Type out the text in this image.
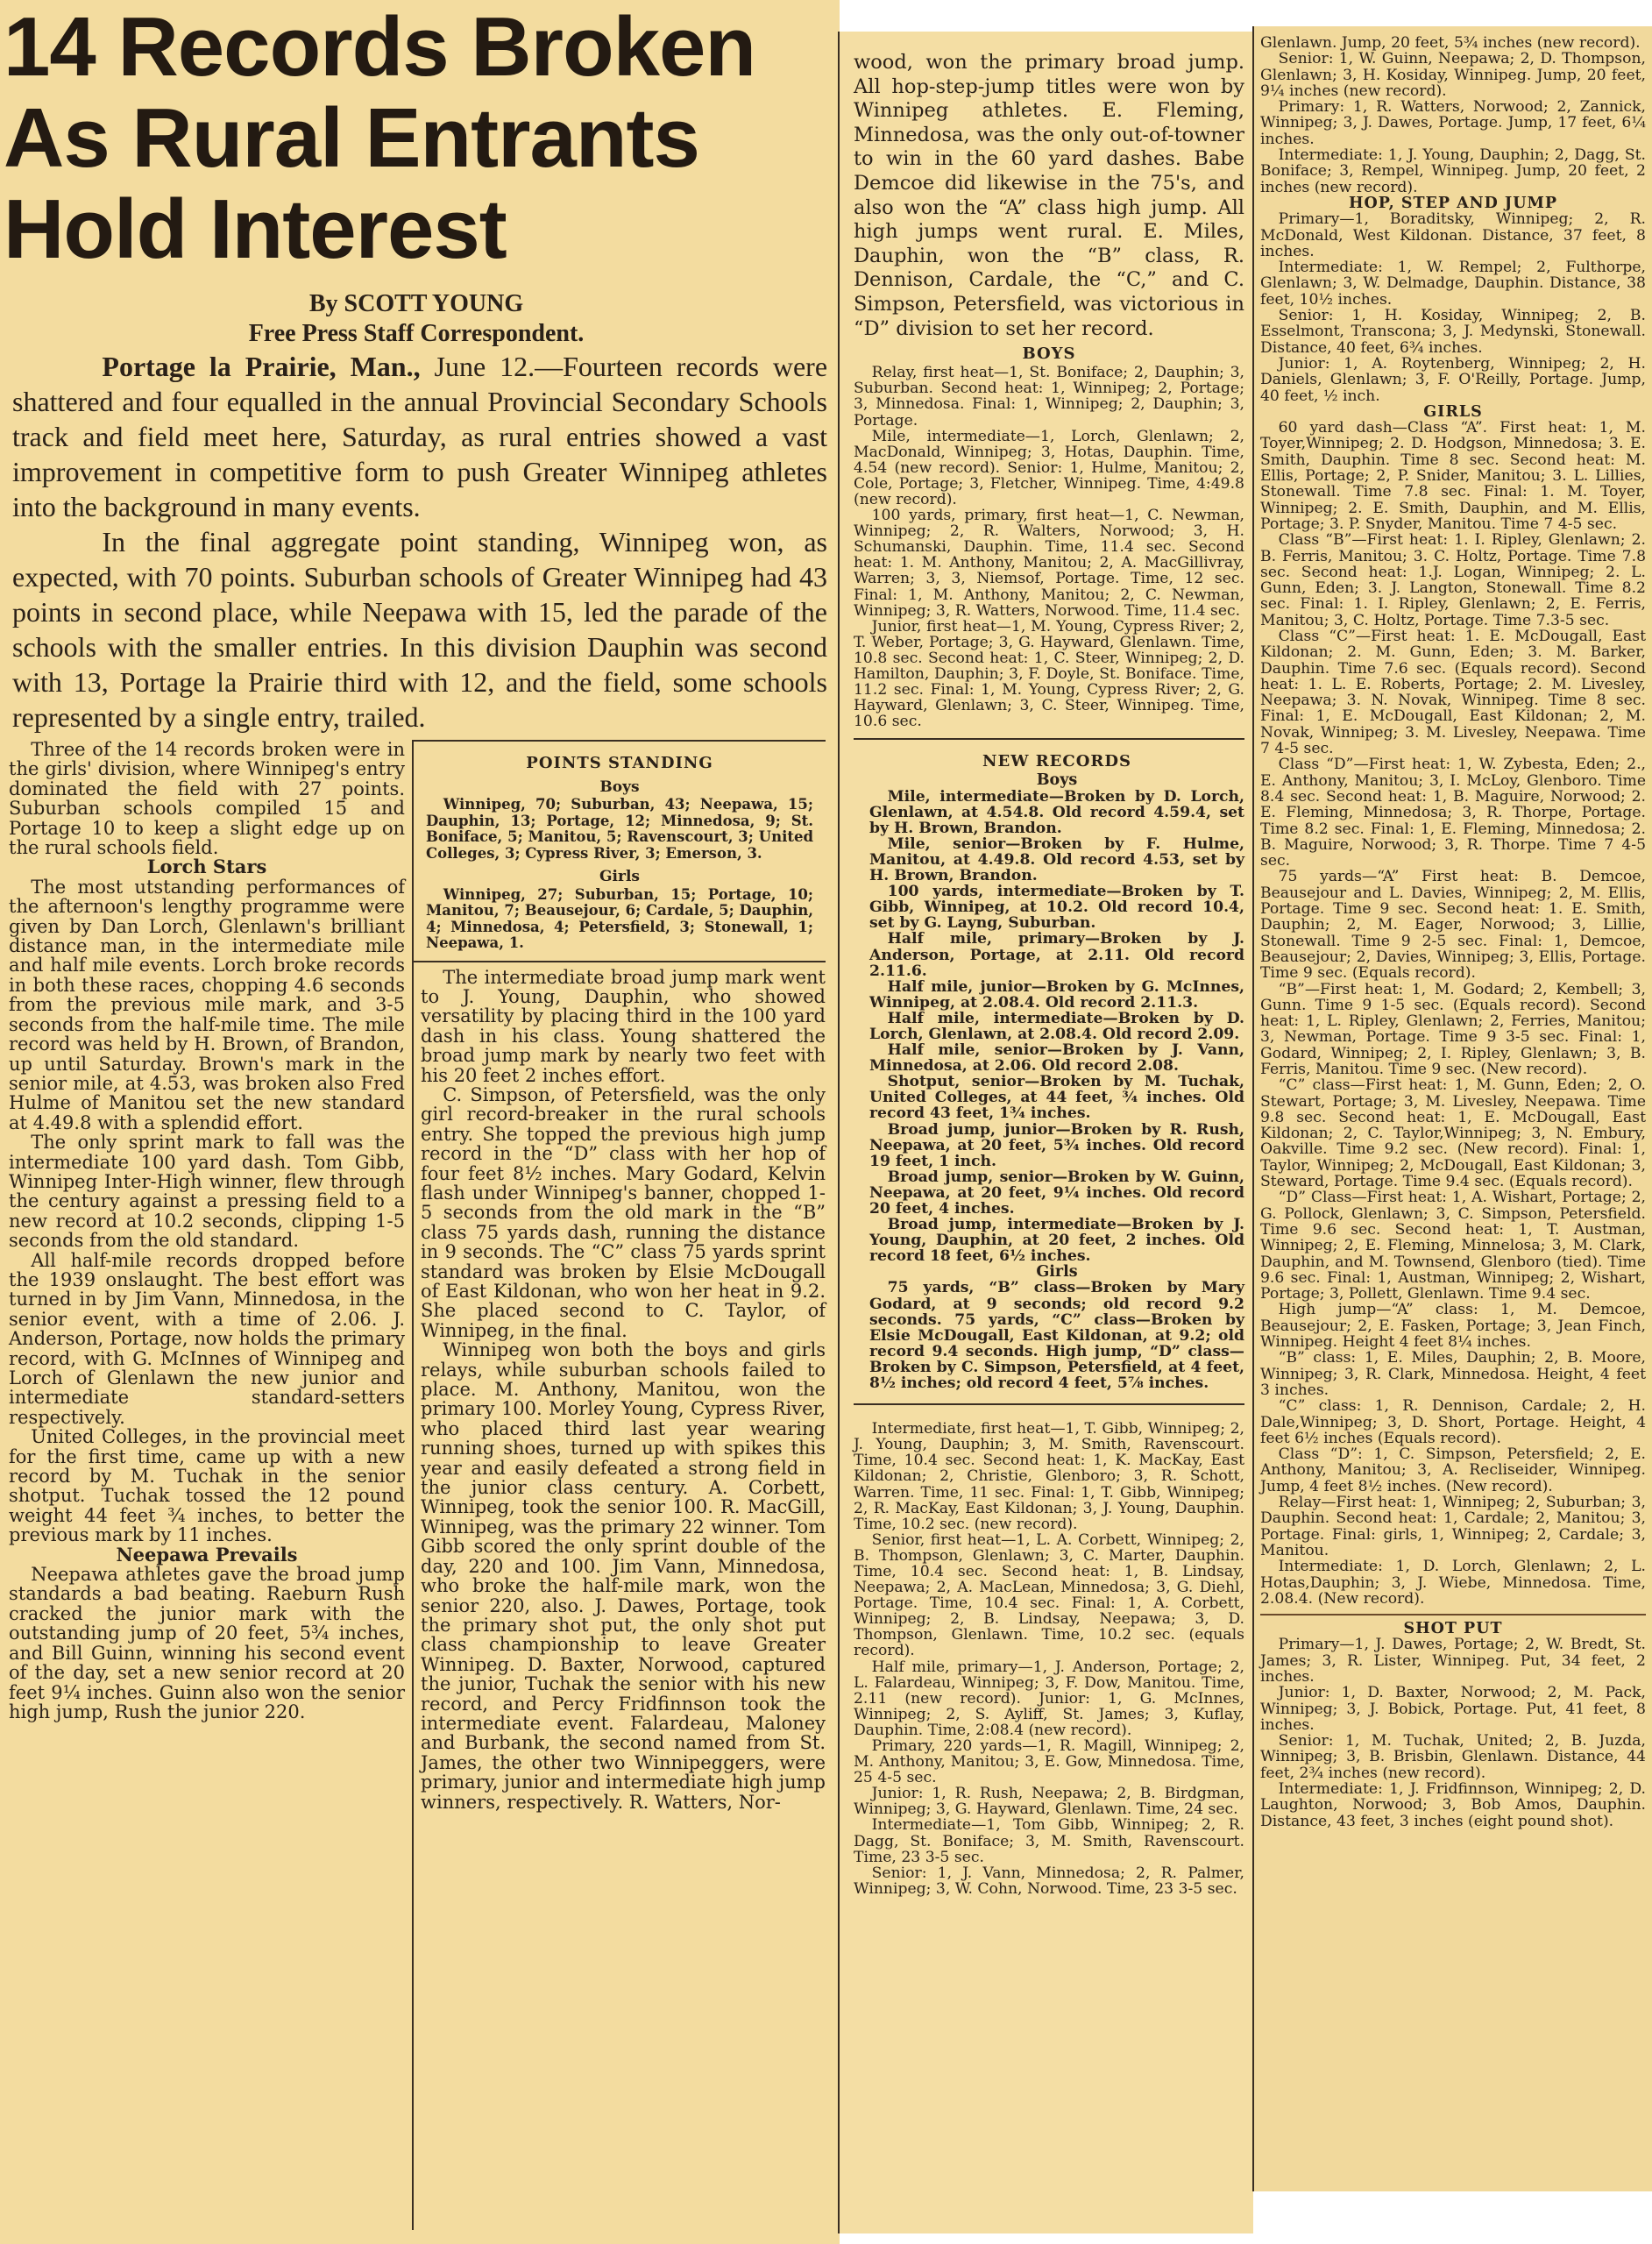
14 Records Broken
As Rural Entrants
Hold Interest
By SCOTT YOUNG
Free Press Staff Correspondent.

Portage la Prairie, Man., June 12.—Fourteen records were shattered and four equalled in the annual Provincial Secondary Schools track and field meet here, Saturday, as rural entries showed a vast improvement in competitive form to push Greater Winnipeg athletes into the background in many events.

In the final aggregate point standing, Winnipeg won, as expected, with 70 points. Suburban schools of Greater Winnipeg had 43 points in second place, while Neepawa with 15, led the parade of the schools with the smaller entries. In this division Dauphin was second with 13, Portage la Prairie third with 12, and the field, some schools represented by a single entry, trailed.

Three of the 14 records broken were in the girls' division, where Winnipeg's entry dominated the field with 27 points. Suburban schools compiled 15 and Portage 10 to keep a slight edge up on the rural schools field.

Lorch Stars

The most utstanding performances of the afternoon's lengthy programme were given by Dan Lorch, Glenlawn's brilliant distance man, in the intermediate mile and half mile events. Lorch broke records in both these races, chopping 4.6 seconds from the previous mile mark, and 3-5 seconds from the half-mile time. The mile record was held by H. Brown, of Brandon, up until Saturday. Brown's mark in the senior mile, at 4.53, was broken also Fred Hulme of Manitou set the new standard at 4.49.8 with a splendid effort.

The only sprint mark to fall was the intermediate 100 yard dash. Tom Gibb, Winnipeg Inter-High winner, flew through the century against a pressing field to a new record at 10.2 seconds, clipping 1-5 seconds from the old standard.

All half-mile records dropped before the 1939 onslaught. The best effort was turned in by Jim Vann, Minnedosa, in the senior event, with a time of 2.06. J. Anderson, Portage, now holds the primary record, with G. McInnes of Winnipeg and Lorch of Glenlawn the new junior and intermediate standard-setters respectively.

United Colleges, in the provincial meet for the first time, came up with a new record by M. Tuchak in the senior shotput. Tuchak tossed the 12 pound weight 44 feet ¾ inches, to better the previous mark by 11 inches.

Neepawa Prevails

Neepawa athletes gave the broad jump standards a bad beating. Raeburn Rush cracked the junior mark with the outstanding jump of 20 feet, 5¾ inches, and Bill Guinn, winning his second event of the day, set a new senior record at 20 feet 9¼ inches. Guinn also won the senior high jump, Rush the junior 220.

POINTS STANDING
Boys

Winnipeg, 70; Suburban, 43; Neepawa, 15; Dauphin, 13; Portage, 12; Minnedosa, 9; St. Boniface, 5; Manitou, 5; Ravenscourt, 3; United Colleges, 3; Cypress River, 3; Emerson, 3.

Girls

Winnipeg, 27; Suburban, 15; Portage, 10; Manitou, 7; Beausejour, 6; Cardale, 5; Dauphin, 4; Minnedosa, 4; Petersfield, 3; Stonewall, 1; Neepawa, 1.

The intermediate broad jump mark went to J. Young, Dauphin, who showed versatility by placing third in the 100 yard dash in his class. Young shattered the broad jump mark by nearly two feet with his 20 feet 2 inches effort.

C. Simpson, of Petersfield, was the only girl record-breaker in the rural schools entry. She topped the previous high jump record in the “D” class with her hop of four feet 8½ inches. Mary Godard, Kelvin flash under Winnipeg's banner, chopped 1-5 seconds from the old mark in the “B” class 75 yards dash, running the distance in 9 seconds. The “C” class 75 yards sprint standard was broken by Elsie McDougall of East Kildonan, who won her heat in 9.2. She placed second to C. Taylor, of Winnipeg, in the final.

Winnipeg won both the boys and girls relays, while suburban schools failed to place. M. Anthony, Manitou, won the primary 100. Morley Young, Cypress River, who placed third last year wearing running shoes, turned up with spikes this year and easily defeated a strong field in the junior class century. A. Corbett, Winnipeg, took the senior 100. R. MacGill, Winnipeg, was the primary 22 winner. Tom Gibb scored the only sprint double of the day, 220 and 100. Jim Vann, Minnedosa, who broke the half-mile mark, won the senior 220, also. J. Dawes, Portage, took the primary shot put, the only shot put class championship to leave Greater Winnipeg. D. Baxter, Norwood, captured the junior, Tuchak the senior with his new record, and Percy Fridfinnson took the intermediate event. Falardeau, Maloney and Burbank, the second named from St. James, the other two Winnipeggers, were primary, junior and intermediate high jump winners, respectively. R. Watters, Nor-

wood, won the primary broad jump. All hop-step-jump titles were won by Winnipeg athletes. E. Fleming, Minnedosa, was the only out-of-towner to win in the 60 yard dashes. Babe Demcoe did likewise in the 75's, and also won the “A” class high jump. All high jumps went rural. E. Miles, Dauphin, won the “B” class, R. Dennison, Cardale, the “C,” and C. Simpson, Petersfield, was victorious in “D” division to set her record.

BOYS

Relay, first heat—1, St. Boniface; 2, Dauphin; 3, Suburban. Second heat: 1, Winnipeg; 2, Portage; 3, Minnedosa. Final: 1, Winnipeg; 2, Dauphin; 3, Portage.

Mile, intermediate—1, Lorch, Glenlawn; 2, MacDonald, Winnipeg; 3, Hotas, Dauphin. Time, 4.54 (new record). Senior: 1, Hulme, Manitou; 2, Cole, Portage; 3, Fletcher, Winnipeg. Time, 4:49.8 (new record).

100 yards, primary, first heat—1, C. Newman, Winnipeg; 2, R. Walters, Norwood; 3, H. Schumanski, Dauphin. Time, 11.4 sec. Second heat: 1. M. Anthony, Manitou; 2, A. MacGillivray, Warren; 3, 3, Niemsof, Portage. Time, 12 sec. Final: 1, M. Anthony, Manitou; 2, C. Newman, Winnipeg; 3, R. Watters, Norwood. Time, 11.4 sec.

Junior, first heat—1, M. Young, Cypress River; 2, T. Weber, Portage; 3, G. Hayward, Glenlawn. Time, 10.8 sec. Second heat: 1, C. Steer, Winnipeg; 2, D. Hamilton, Dauphin; 3, F. Doyle, St. Boniface. Time, 11.2 sec. Final: 1, M. Young, Cypress River; 2, G. Hayward, Glenlawn; 3, C. Steer, Winnipeg. Time, 10.6 sec.

NEW RECORDS
Boys

Mile, intermediate—Broken by D. Lorch, Glenlawn, at 4.54.8. Old record 4.59.4, set by H. Brown, Brandon.

Mile, senior—Broken by F. Hulme, Manitou, at 4.49.8. Old record 4.53, set by H. Brown, Brandon.

100 yards, intermediate—Broken by T. Gibb, Winnipeg, at 10.2. Old record 10.4, set by G. Layng, Suburban.

Half mile, primary—Broken by J. Anderson, Portage, at 2.11. Old record 2.11.6.

Half mile, junior—Broken by G. McInnes, Winnipeg, at 2.08.4. Old record 2.11.3.

Half mile, intermediate—Broken by D. Lorch, Glenlawn, at 2.08.4. Old record 2.09.

Half mile, senior—Broken by J. Vann, Minnedosa, at 2.06. Old record 2.08.

Shotput, senior—Broken by M. Tuchak, United Colleges, at 44 feet, ¾ inches. Old record 43 feet, 1¾ inches.

Broad jump, junior—Broken by R. Rush, Neepawa, at 20 feet, 5¾ inches. Old record 19 feet, 1 inch.

Broad jump, senior—Broken by W. Guinn, Neepawa, at 20 feet, 9¼ inches. Old record 20 feet, 4 inches.

Broad jump, intermediate—Broken by J. Young, Dauphin, at 20 feet, 2 inches. Old record 18 feet, 6½ inches.

Girls

75 yards, “B” class—Broken by Mary Godard, at 9 seconds; old record 9.2 seconds. 75 yards, “C” class—Broken by Elsie McDougall, East Kildonan, at 9.2; old record 9.4 seconds. High jump, “D” class—Broken by C. Simpson, Petersfield, at 4 feet, 8½ inches; old record 4 feet, 5⅞ inches.

Intermediate, first heat—1, T. Gibb, Winnipeg; 2, J. Young, Dauphin; 3, M. Smith, Ravenscourt. Time, 10.4 sec. Second heat: 1, K. MacKay, East Kildonan; 2, Christie, Glenboro; 3, R. Schott, Warren. Time, 11 sec. Final: 1, T. Gibb, Winnipeg; 2, R. MacKay, East Kildonan; 3, J. Young, Dauphin. Time, 10.2 sec. (new record).

Senior, first heat—1, L. A. Corbett, Winnipeg; 2, B. Thompson, Glenlawn; 3, C. Marter, Dauphin. Time, 10.4 sec. Second heat: 1, B. Lindsay, Neepawa; 2, A. MacLean, Minnedosa; 3, G. Diehl, Portage. Time, 10.4 sec. Final: 1, A. Corbett, Winnipeg; 2, B. Lindsay, Neepawa; 3, D. Thompson, Glenlawn. Time, 10.2 sec. (equals record).

Half mile, primary—1, J. Anderson, Portage; 2, L. Falardeau, Winnipeg; 3, F. Dow, Manitou. Time, 2.11 (new record). Junior: 1, G. McInnes, Winnipeg; 2, S. Ayliff, St. James; 3, Kuflay, Dauphin. Time, 2:08.4 (new record).

Primary, 220 yards—1, R. Magill, Winnipeg; 2, M. Anthony, Manitou; 3, E. Gow, Minnedosa. Time, 25 4-5 sec.

Junior: 1, R. Rush, Neepawa; 2, B. Birdgman, Winnipeg; 3, G. Hayward, Glenlawn. Time, 24 sec.

Intermediate—1, Tom Gibb, Winnipeg; 2, R. Dagg, St. Boniface; 3, M. Smith, Ravenscourt. Time, 23 3-5 sec.

Senior: 1, J. Vann, Minnedosa; 2, R. Palmer, Winnipeg; 3, W. Cohn, Norwood. Time, 23 3-5 sec.

Glenlawn. Jump, 20 feet, 5¾ inches (new record).

Senior: 1, W. Guinn, Neepawa; 2, D. Thompson, Glenlawn; 3, H. Kosiday, Winnipeg. Jump, 20 feet, 9¼ inches (new record).

Primary: 1, R. Watters, Norwood; 2, Zannick, Winnipeg; 3, J. Dawes, Portage. Jump, 17 feet, 6¼ inches.

Intermediate: 1, J. Young, Dauphin; 2, Dagg, St. Boniface; 3, Rempel, Winnipeg. Jump, 20 feet, 2 inches (new record).

HOP, STEP AND JUMP

Primary—1, Boraditsky, Winnipeg; 2, R. McDonald, West Kildonan. Distance, 37 feet, 8 inches.

Intermediate: 1, W. Rempel; 2, Fulthorpe, Glenlawn; 3, W. Delmadge, Dauphin. Distance, 38 feet, 10½ inches.

Senior: 1, H. Kosiday, Winnipeg; 2, B. Esselmont, Transcona; 3, J. Medynski, Stonewall. Distance, 40 feet, 6¾ inches.

Junior: 1, A. Roytenberg, Winnipeg; 2, H. Daniels, Glenlawn; 3, F. O'Reilly, Portage. Jump, 40 feet, ½ inch.

GIRLS

60 yard dash—Class “A”. First heat: 1, M. Toyer,Winnipeg; 2. D. Hodgson, Minnedosa; 3. E. Smith, Dauphin. Time 8 sec. Second heat: M. Ellis, Portage; 2, P. Snider, Manitou; 3. L. Lillies, Stonewall. Time 7.8 sec. Final: 1. M. Toyer, Winnipeg; 2. E. Smith, Dauphin, and M. Ellis, Portage; 3. P. Snyder, Manitou. Time 7 4-5 sec.

Class “B”—First heat: 1. I. Ripley, Glenlawn; 2. B. Ferris, Manitou; 3. C. Holtz, Portage. Time 7.8 sec. Second heat: 1.J. Logan, Winnipeg; 2. L. Gunn, Eden; 3. J. Langton, Stonewall. Time 8.2 sec. Final: 1. I. Ripley, Glenlawn; 2, E. Ferris, Manitou; 3, C. Holtz, Portage. Time 7.3-5 sec.

Class “C”—First heat: 1. E. McDougall, East Kildonan; 2. M. Gunn, Eden; 3. M. Barker, Dauphin. Time 7.6 sec. (Equals record). Second heat: 1. L. E. Roberts, Portage; 2. M. Livesley, Neepawa; 3. N. Novak, Winnipeg. Time 8 sec. Final: 1, E. McDougall, East Kildonan; 2, M. Novak, Winnipeg; 3. M. Livesley, Neepawa. Time 7 4-5 sec.

Class “D”—First heat: 1, W. Zybesta, Eden; 2., E. Anthony, Manitou; 3, I. McLoy, Glenboro. Time 8.4 sec. Second heat: 1, B. Maguire, Norwood; 2. E. Fleming, Minnedosa; 3, R. Thorpe, Portage. Time 8.2 sec. Final: 1, E. Fleming, Minnedosa; 2. B. Maguire, Norwood; 3, R. Thorpe. Time 7 4-5 sec.

75 yards—“A” First heat: B. Demcoe, Beausejour and L. Davies, Winnipeg; 2, M. Ellis, Portage. Time 9 sec. Second heat: 1. E. Smith, Dauphin; 2, M. Eager, Norwood; 3, Lillie, Stonewall. Time 9 2-5 sec. Final: 1, Demcoe, Beausejour; 2, Davies, Winnipeg; 3, Ellis, Portage. Time 9 sec. (Equals record).

“B”—First heat: 1, M. Godard; 2, Kembell; 3, Gunn. Time 9 1-5 sec. (Equals record). Second heat: 1, L. Ripley, Glenlawn; 2, Ferries, Manitou; 3, Newman, Portage. Time 9 3-5 sec. Final: 1, Godard, Winnipeg; 2, I. Ripley, Glenlawn; 3, B. Ferris, Manitou. Time 9 sec. (New record).

“C” class—First heat: 1, M. Gunn, Eden; 2, O. Stewart, Portage; 3, M. Livesley, Neepawa. Time 9.8 sec. Second heat: 1, E. McDougall, East Kildonan; 2, C. Taylor,Winnipeg; 3, N. Embury, Oakville. Time 9.2 sec. (New record). Final: 1, Taylor, Winnipeg; 2, McDougall, East Kildonan; 3, Steward, Portage. Time 9.4 sec. (Equals record).

“D” Class—First heat: 1, A. Wishart, Portage; 2, G. Pollock, Glenlawn; 3, C. Simpson, Petersfield. Time 9.6 sec. Second heat: 1, T. Austman, Winnipeg; 2, E. Fleming, Minnelosa; 3, M. Clark, Dauphin, and M. Townsend, Glenboro (tied). Time 9.6 sec. Final: 1, Austman, Winnipeg; 2, Wishart, Portage; 3, Pollett, Glenlawn. Time 9.4 sec.

High jump—“A” class: 1, M. Demcoe, Beausejour; 2, E. Fasken, Portage; 3, Jean Finch, Winnipeg. Height 4 feet 8¼ inches.

“B” class: 1, E. Miles, Dauphin; 2, B. Moore, Winnipeg; 3, R. Clark, Minnedosa. Height, 4 feet 3 inches.

“C” class: 1, R. Dennison, Cardale; 2, H. Dale,Winnipeg; 3, D. Short, Portage. Height, 4 feet 6½ inches (Equals record).

Class “D”: 1, C. Simpson, Petersfield; 2, E. Anthony, Manitou; 3, A. Recliseider, Winnipeg. Jump, 4 feet 8½ inches. (New record).

Relay—First heat: 1, Winnipeg; 2, Suburban; 3, Dauphin. Second heat: 1, Cardale; 2, Manitou; 3, Portage. Final: girls, 1, Winnipeg; 2, Cardale; 3, Manitou.

Intermediate: 1, D. Lorch, Glenlawn; 2, L. Hotas,Dauphin; 3, J. Wiebe, Minnedosa. Time, 2.08.4. (New record).

SHOT PUT

Primary—1, J. Dawes, Portage; 2, W. Bredt, St. James; 3, R. Lister, Winnipeg. Put, 34 feet, 2 inches.

Junior: 1, D. Baxter, Norwood; 2, M. Pack, Winnipeg; 3, J. Bobick, Portage. Put, 41 feet, 8 inches.

Senior: 1, M. Tuchak, United; 2, B. Juzda, Winnipeg; 3, B. Brisbin, Glenlawn. Distance, 44 feet, 2¾ inches (new record).

Intermediate: 1, J. Fridfinnson, Winnipeg; 2, D. Laughton, Norwood; 3, Bob Amos, Dauphin. Distance, 43 feet, 3 inches (eight pound shot).
